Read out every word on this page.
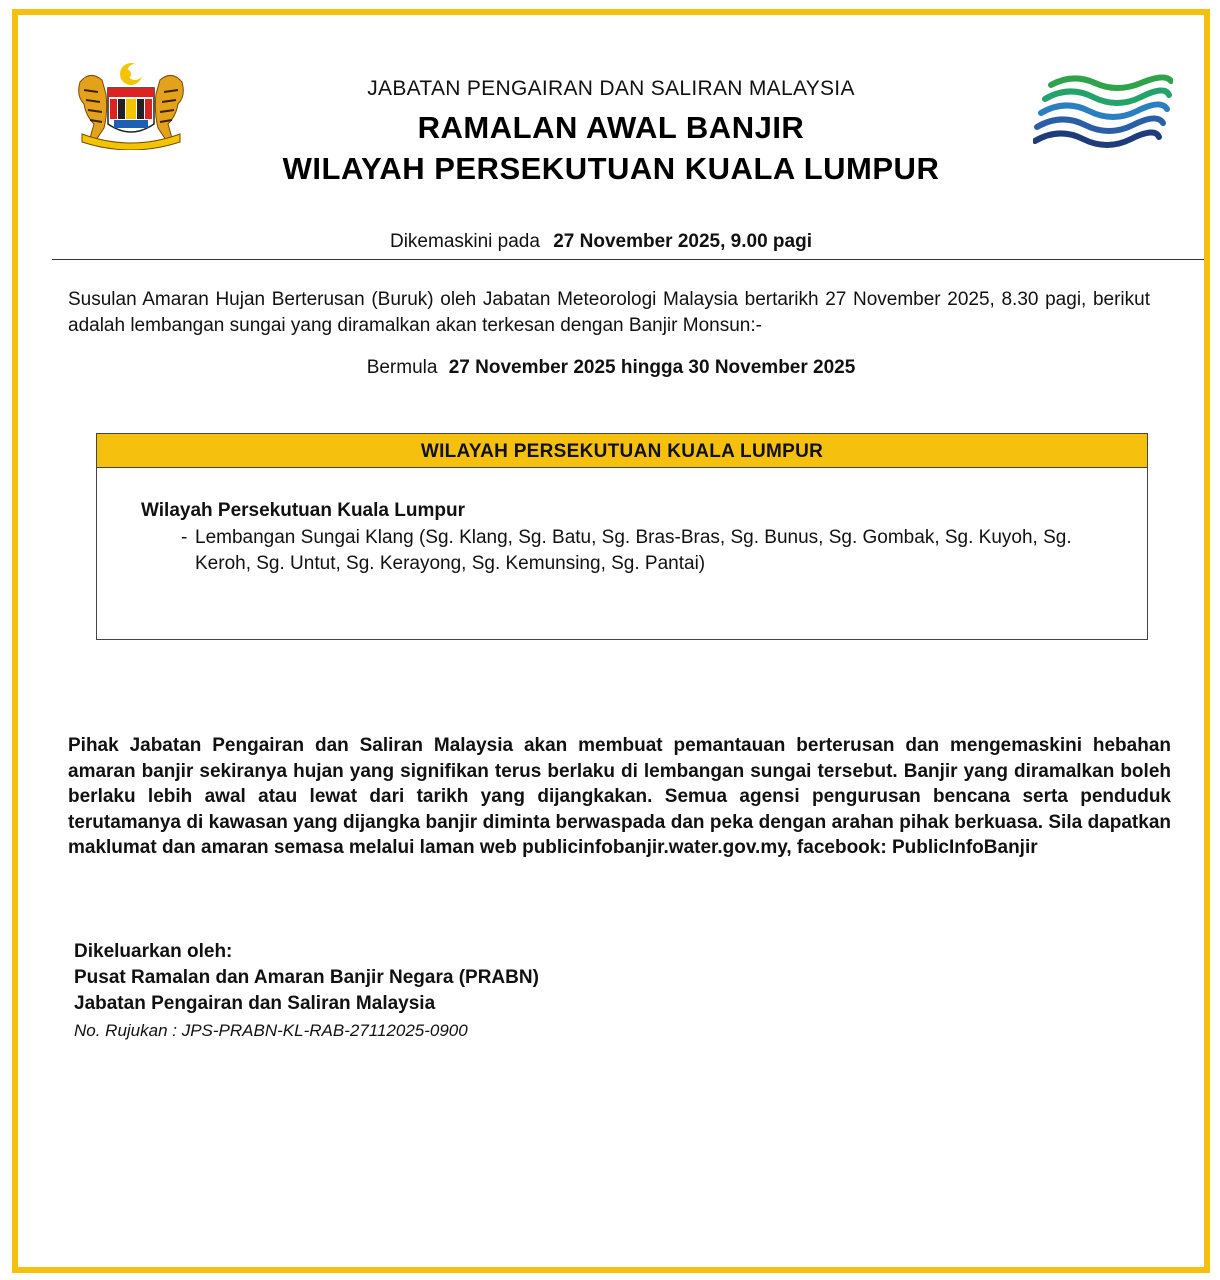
JABATAN PENGAIRAN DAN SALIRAN MALAYSIA
RAMALAN AWAL BANJIR
WILAYAH PERSEKUTUAN KUALA LUMPUR
Dikemaskini pada 27 November 2025, 9.00 pagi
Susulan Amaran Hujan Berterusan (Buruk) oleh Jabatan Meteorologi Malaysia bertarikh 27 November 2025, 8.30 pagi, berikut adalah lembangan sungai yang diramalkan akan terkesan dengan Banjir Monsun:-
Bermula 27 November 2025 hingga 30 November 2025
WILAYAH PERSEKUTUAN KUALA LUMPUR
Wilayah Persekutuan Kuala Lumpur
- Lembangan Sungai Klang (Sg. Klang, Sg. Batu, Sg. Bras-Bras, Sg. Bunus, Sg. Gombak, Sg. Kuyoh, Sg. Keroh, Sg. Untut, Sg. Kerayong, Sg. Kemunsing, Sg. Pantai)
Pihak Jabatan Pengairan dan Saliran Malaysia akan membuat pemantauan berterusan dan mengemaskini hebahan amaran banjir sekiranya hujan yang signifikan terus berlaku di lembangan sungai tersebut. Banjir yang diramalkan boleh berlaku lebih awal atau lewat dari tarikh yang dijangkakan. Semua agensi pengurusan bencana serta penduduk terutamanya di kawasan yang dijangka banjir diminta berwaspada dan peka dengan arahan pihak berkuasa. Sila dapatkan maklumat dan amaran semasa melalui laman web publicinfobanjir.water.gov.my, facebook: PublicInfoBanjir
Dikeluarkan oleh:
Pusat Ramalan dan Amaran Banjir Negara (PRABN)
Jabatan Pengairan dan Saliran Malaysia
No. Rujukan : JPS-PRABN-KL-RAB-27112025-0900
